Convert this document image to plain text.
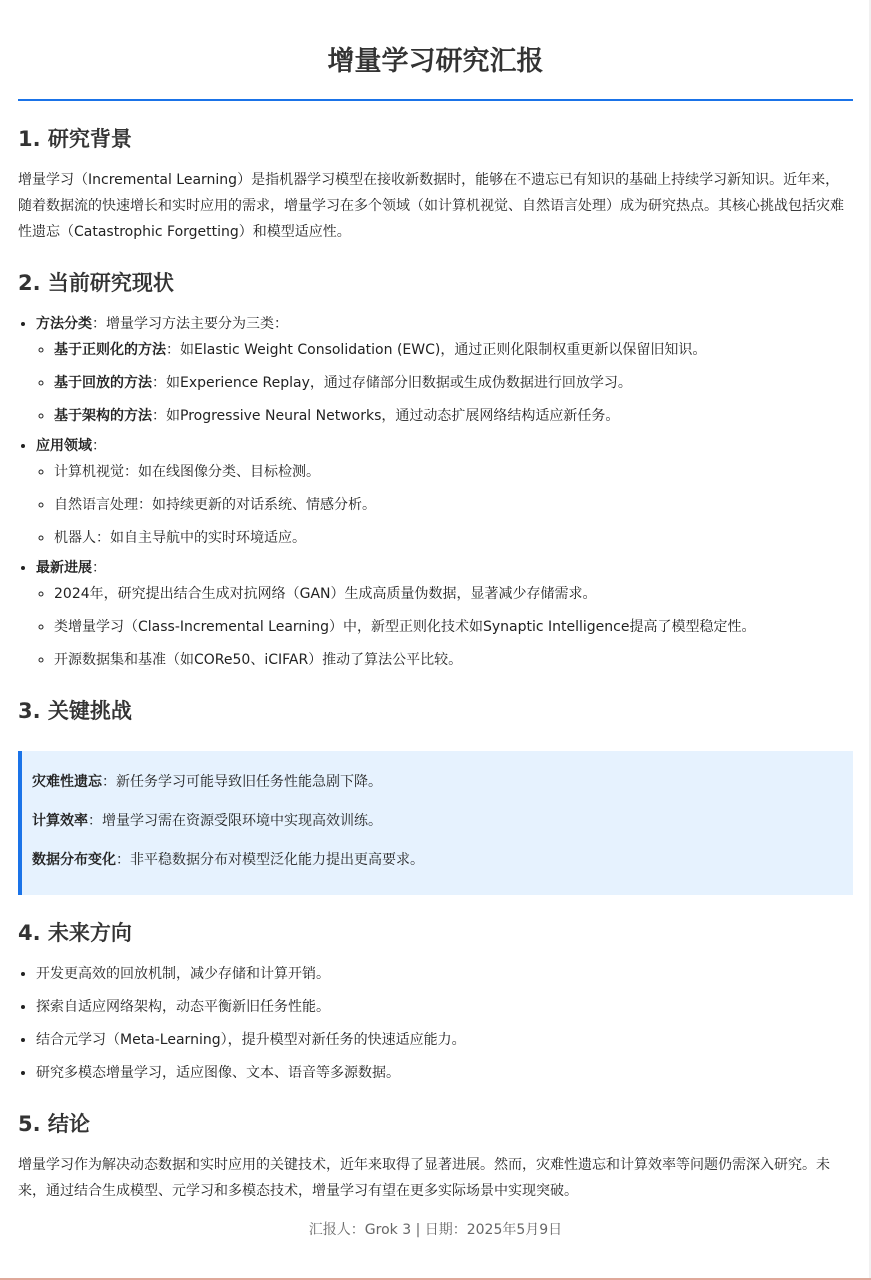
增量学习研究汇报
1. 研究背景

增量学习（Incremental Learning）是指机器学习模型在接收新数据时，能够在不遗忘已有知识的基础上持续学习新知识。近年来，随着数据流的快速增长和实时应用的需求，增量学习在多个领域（如计算机视觉、自然语言处理）成为研究热点。其核心挑战包括灾难性遗忘（Catastrophic Forgetting）和模型适应性。

2. 当前研究现状
• 方法分类：增量学习方法主要分为三类：
◦ 基于正则化的方法：如Elastic Weight Consolidation (EWC)，通过正则化限制权重更新以保留旧知识。
◦ 基于回放的方法：如Experience Replay，通过存储部分旧数据或生成伪数据进行回放学习。
◦ 基于架构的方法：如Progressive Neural Networks，通过动态扩展网络结构适应新任务。
• 应用领域：
◦ 计算机视觉：如在线图像分类、目标检测。
◦ 自然语言处理：如持续更新的对话系统、情感分析。
◦ 机器人：如自主导航中的实时环境适应。
• 最新进展：
◦ 2024年，研究提出结合生成对抗网络（GAN）生成高质量伪数据，显著减少存储需求。
◦ 类增量学习（Class-Incremental Learning）中，新型正则化技术如Synaptic Intelligence提高了模型稳定性。
◦ 开源数据集和基准（如CORe50、iCIFAR）推动了算法公平比较。
3. 关键挑战
灾难性遗忘：新任务学习可能导致旧任务性能急剧下降。
计算效率：增量学习需在资源受限环境中实现高效训练。
数据分布变化：非平稳数据分布对模型泛化能力提出更高要求。
4. 未来方向
• 开发更高效的回放机制，减少存储和计算开销。
• 探索自适应网络架构，动态平衡新旧任务性能。
• 结合元学习（Meta-Learning），提升模型对新任务的快速适应能力。
• 研究多模态增量学习，适应图像、文本、语音等多源数据。
5. 结论

增量学习作为解决动态数据和实时应用的关键技术，近年来取得了显著进展。然而，灾难性遗忘和计算效率等问题仍需深入研究。未来，通过结合生成模型、元学习和多模态技术，增量学习有望在更多实际场景中实现突破。

汇报人：Grok 3 | 日期：2025年5月9日
